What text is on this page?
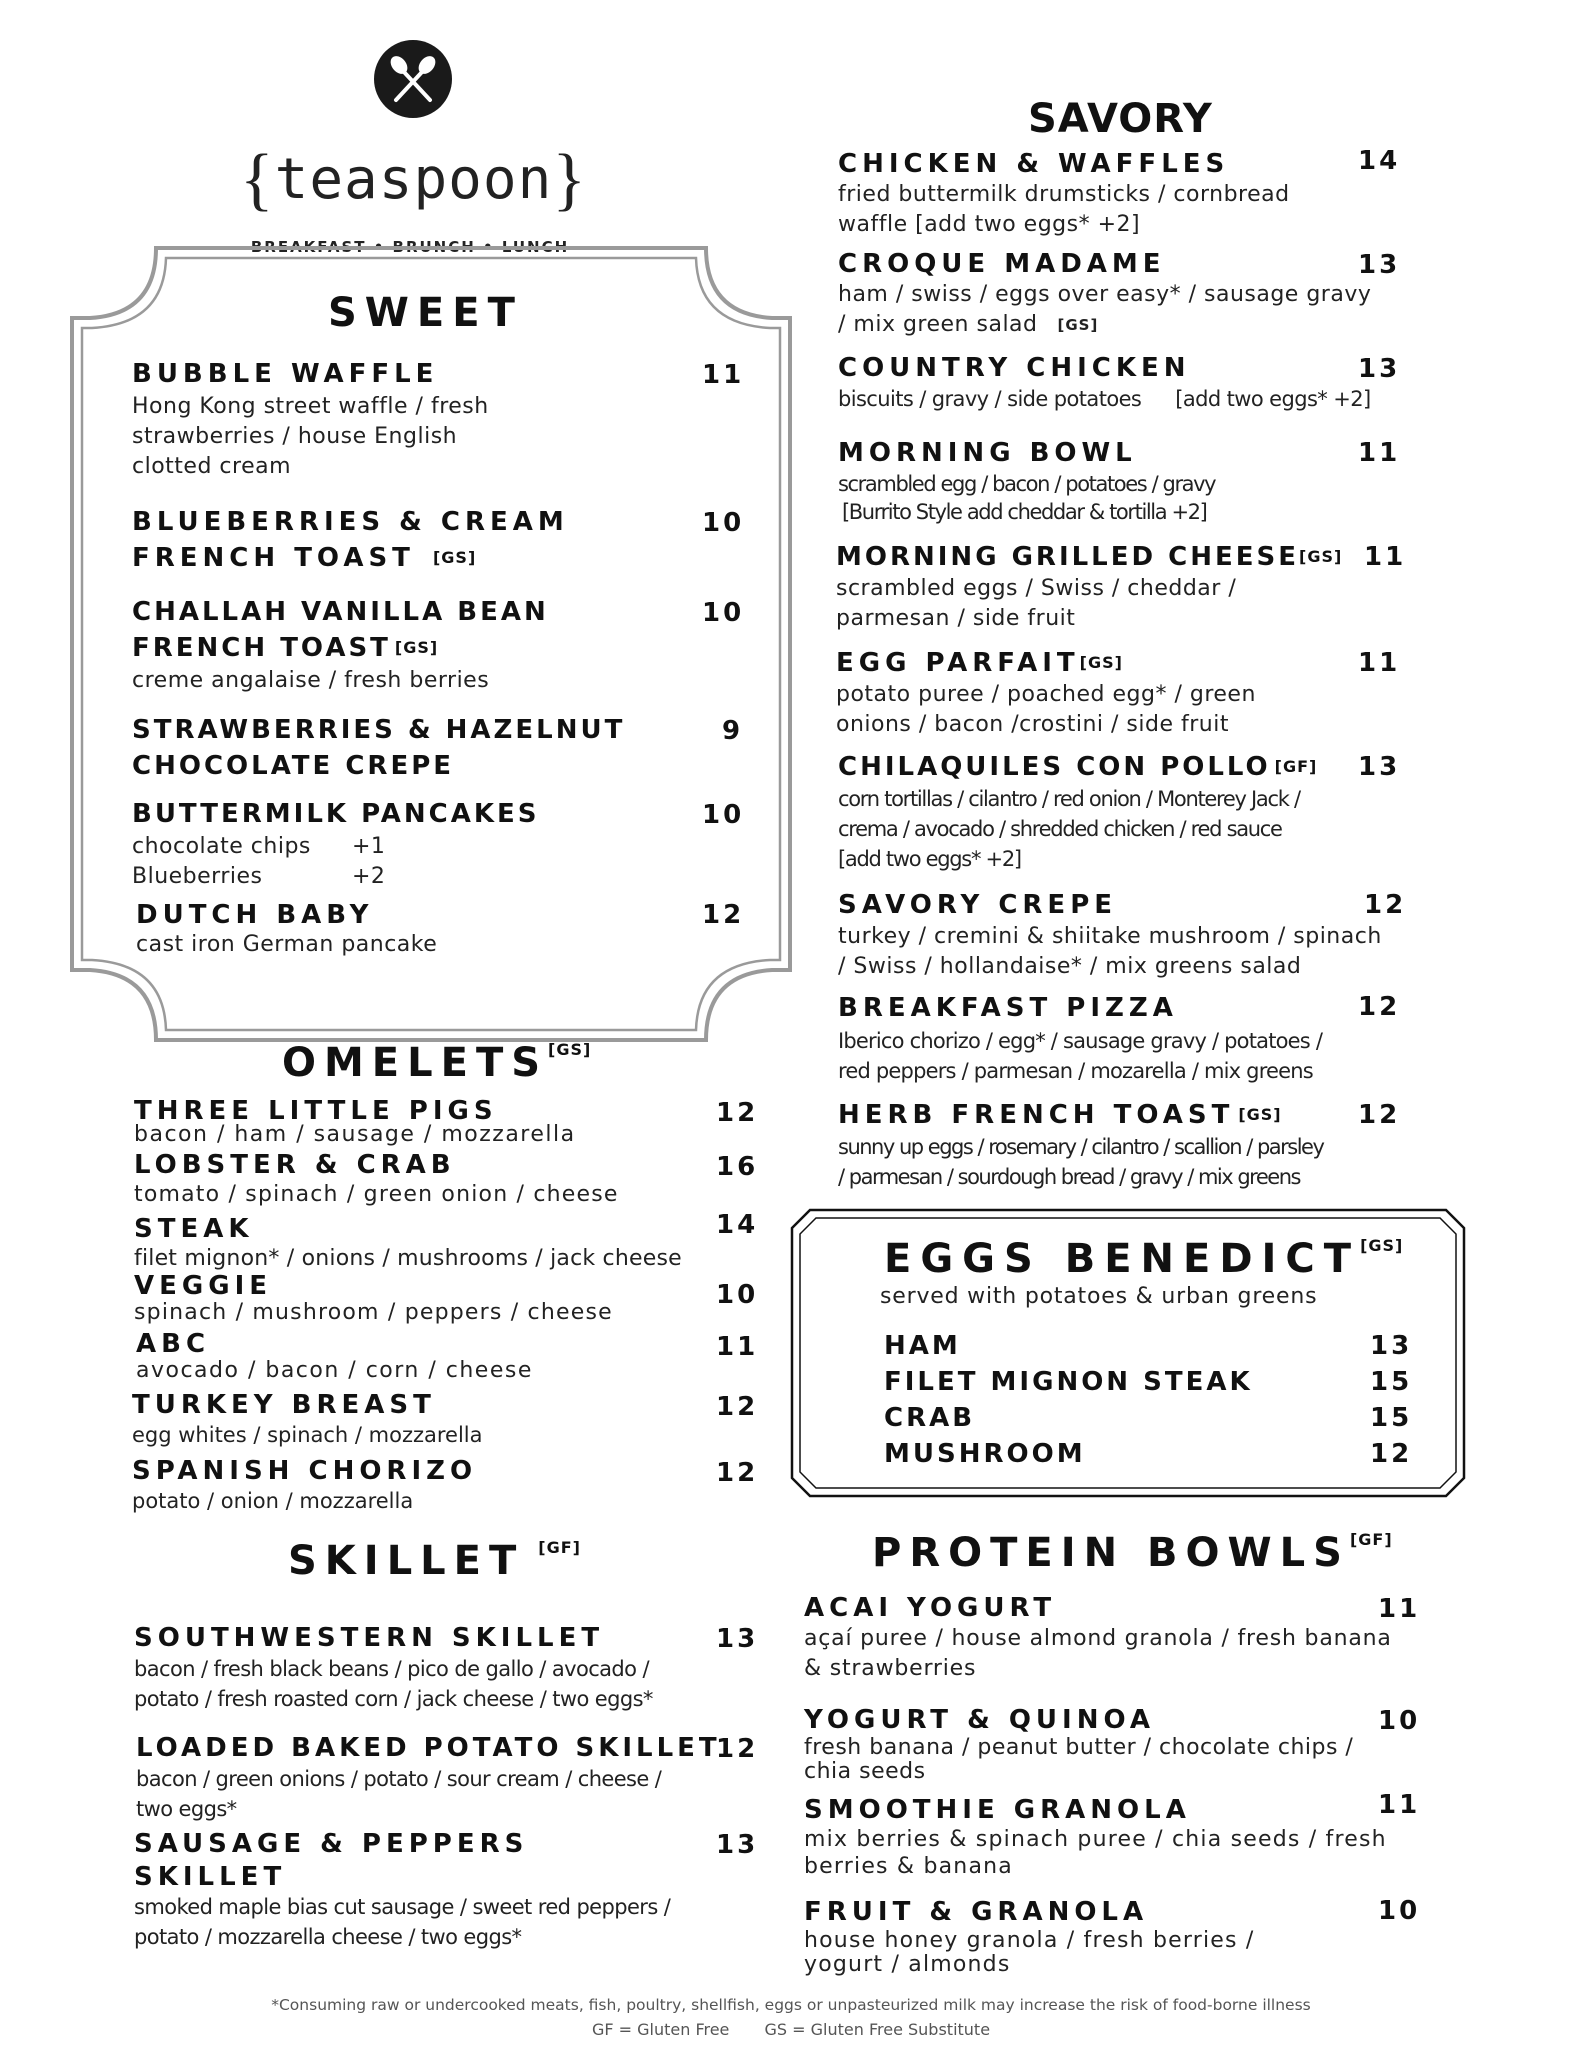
{teaspoon}
BREAKFAST • BRUNCH • LUNCH
SWEET
BUBBLE WAFFLE
Hong Kong street waffle / fresh
strawberries / house English
clotted cream
11
BLUEBERRIES & CREAM
FRENCH TOAST [GS]
10
CHALLAH VANILLA BEAN
FRENCH TOAST [GS]
creme angalaise / fresh berries
10
STRAWBERRIES & HAZELNUT
CHOCOLATE CREPE
9
BUTTERMILK PANCAKES
chocolate chips +1
Blueberries	+2
10
DUTCH BABY
cast iron German pancake
12
OMELETS[GS]
THREE LITTLE PIGS
bacon / ham / sausage / mozzarella
12
LOBSTER & CRAB
tomato / spinach / green onion / cheese
16
STEAK
filet mignon* / onions / mushrooms / jack cheese
14
VEGGIE
spinach / mushroom / peppers / cheese
10
ABC
avocado / bacon / corn / cheese
11
TURKEY BREAST
egg whites / spinach / mozzarella
12
SPANISH CHORIZO
potato / onion / mozzarella
12
SKILLET [GF]
SOUTHWESTERN SKILLET
bacon / fresh black beans / pico de gallo / avocado /
potato / fresh roasted corn / jack cheese / two eggs*
13
LOADED BAKED POTATO SKILLET
bacon / green onions / potato / sour cream / cheese /
two eggs*
12
SAUSAGE & PEPPERS
SKILLET
smoked maple bias cut sausage / sweet red peppers /
potato / mozzarella cheese / two eggs*
13
SAVORY
CHICKEN & WAFFLES
fried buttermilk drumsticks / cornbread
waffle [add two eggs* +2]
14
CROQUE MADAME
ham / swiss / eggs over easy* / sausage gravy
/ mix green salad [GS]
13
COUNTRY CHICKEN
biscuits / gravy / side potatoes [add two eggs* +2]
13
MORNING BOWL
scrambled egg / bacon / potatoes / gravy
[Burrito Style add cheddar & tortilla +2]
11
MORNING GRILLED CHEESE[GS]
scrambled eggs / Swiss / cheddar /
parmesan / side fruit
11
EGG PARFAIT[GS]
potato puree / poached egg* / green
onions / bacon /crostini / side fruit
11
CHILAQUILES CON POLLO [GF]
corn tortillas / cilantro / red onion / Monterey Jack /
crema / avocado / shredded chicken / red sauce
[add two eggs* +2]
13
SAVORY CREPE
turkey / cremini & shiitake mushroom / spinach
/ Swiss / hollandaise* / mix greens salad
12
BREAKFAST PIZZA
Iberico chorizo / egg* / sausage gravy / potatoes /
red peppers / parmesan / mozarella / mix greens
12
HERB FRENCH TOAST [GS]
sunny up eggs / rosemary / cilantro / scallion / parsley
/ parmesan / sourdough bread / gravy / mix greens
12
EGGS BENEDICT[GS]
served with potatoes & urban greens
HAM
FILET MIGNON STEAK
CRAB
MUSHROOM
13
15
15
12
PROTEIN BOWLS[GF]
ACAI YOGURT
açaí puree / house almond granola / fresh banana
& strawberries
11
YOGURT & QUINOA
fresh banana / peanut butter / chocolate chips /
chia seeds
10
SMOOTHIE GRANOLA
mix berries & spinach puree / chia seeds / fresh
berries & banana
11
FRUIT & GRANOLA
house honey granola / fresh berries /
yogurt / almonds
10
*Consuming raw or undercooked meats, fish, poultry, shellfish, eggs or unpasteurized milk may increase the risk of food-borne illness
GF = Gluten Free GS = Gluten Free Substitute
